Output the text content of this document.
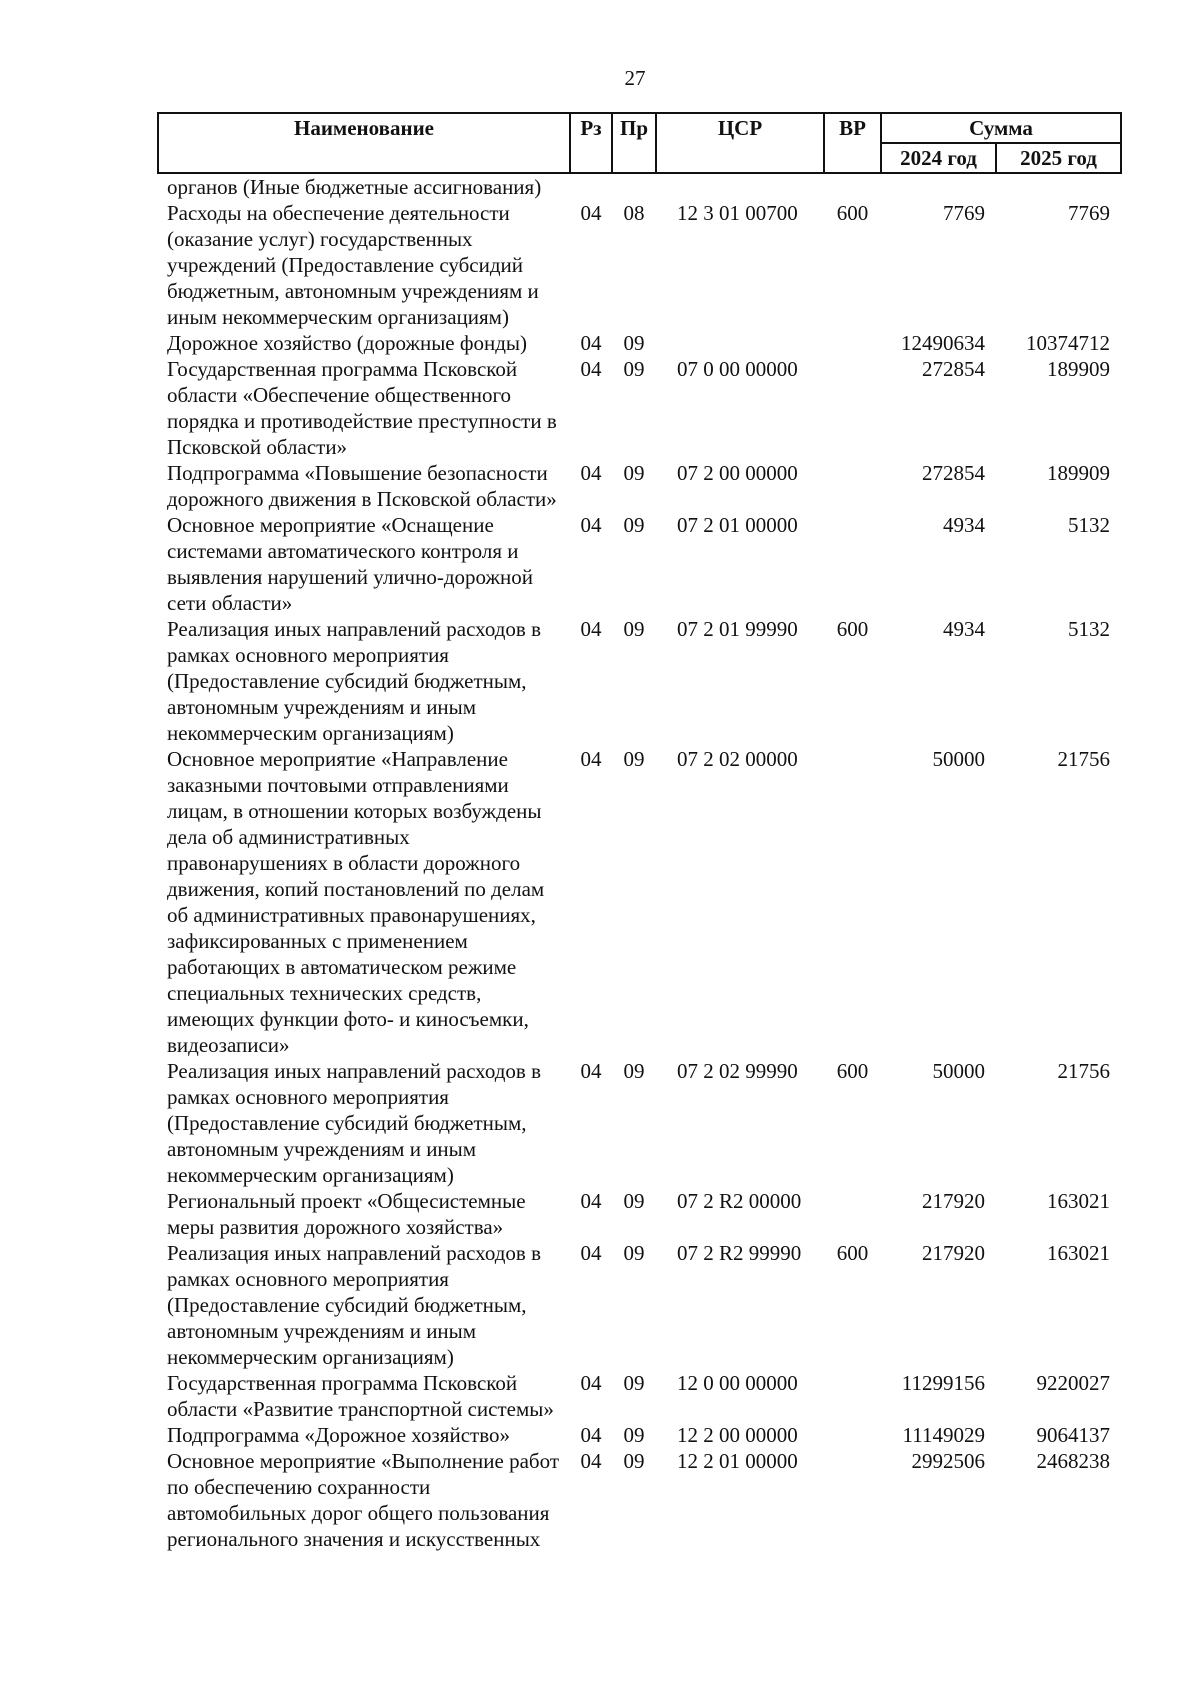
27
Наименование	Рз	Пр	ЦСР	ВР	Сумма	
					2024 год	2025 год
органов (Иные бюджетные ассигнования)						
Расходы на обеспечение деятельности (оказание услуг) государственных учреждений (Предоставление субсидий бюджетным, автономным учреждениям и иным некоммерческим организациям)	04	08	12 3 01 00700	600	7769	7769
Дорожное хозяйство (дорожные фонды)	04	09			12490634	10374712
Государственная программа Псковской области «Обеспечение общественного порядка и противодействие преступности в Псковской области»	04	09	07 0 00 00000		272854	189909
Подпрограмма «Повышение безопасности дорожного движения в Псковской области»	04	09	07 2 00 00000		272854	189909
Основное мероприятие «Оснащение системами автоматического контроля и выявления нарушений улично-дорожной сети области»	04	09	07 2 01 00000		4934	5132
Реализация иных направлений расходов в рамках основного мероприятия (Предоставление субсидий бюджетным, автономным учреждениям и иным некоммерческим организациям)	04	09	07 2 01 99990	600	4934	5132
Основное мероприятие «Направление заказными почтовыми отправлениями лицам, в отношении которых возбуждены дела об административных правонарушениях в области дорожного движения, копий постановлений по делам об административных правонарушениях, зафиксированных с применением работающих в автоматическом режиме специальных технических средств, имеющих функции фото- и киносъемки, видеозаписи»	04	09	07 2 02 00000		50000	21756
Реализация иных направлений расходов в рамках основного мероприятия (Предоставление субсидий бюджетным, автономным учреждениям и иным некоммерческим организациям)	04	09	07 2 02 99990	600	50000	21756
Региональный проект «Общесистемные меры развития дорожного хозяйства»	04	09	07 2 R2 00000		217920	163021
Реализация иных направлений расходов в рамках основного мероприятия (Предоставление субсидий бюджетным, автономным учреждениям и иным некоммерческим организациям)	04	09	07 2 R2 99990	600	217920	163021
Государственная программа Псковской области «Развитие транспортной системы»	04	09	12 0 00 00000		11299156	9220027
Подпрограмма «Дорожное хозяйство»	04	09	12 2 00 00000		11149029	9064137
Основное мероприятие «Выполнение работ по обеспечению сохранности автомобильных дорог общего пользования регионального значения и искусственных	04	09	12 2 01 00000		2992506	2468238
